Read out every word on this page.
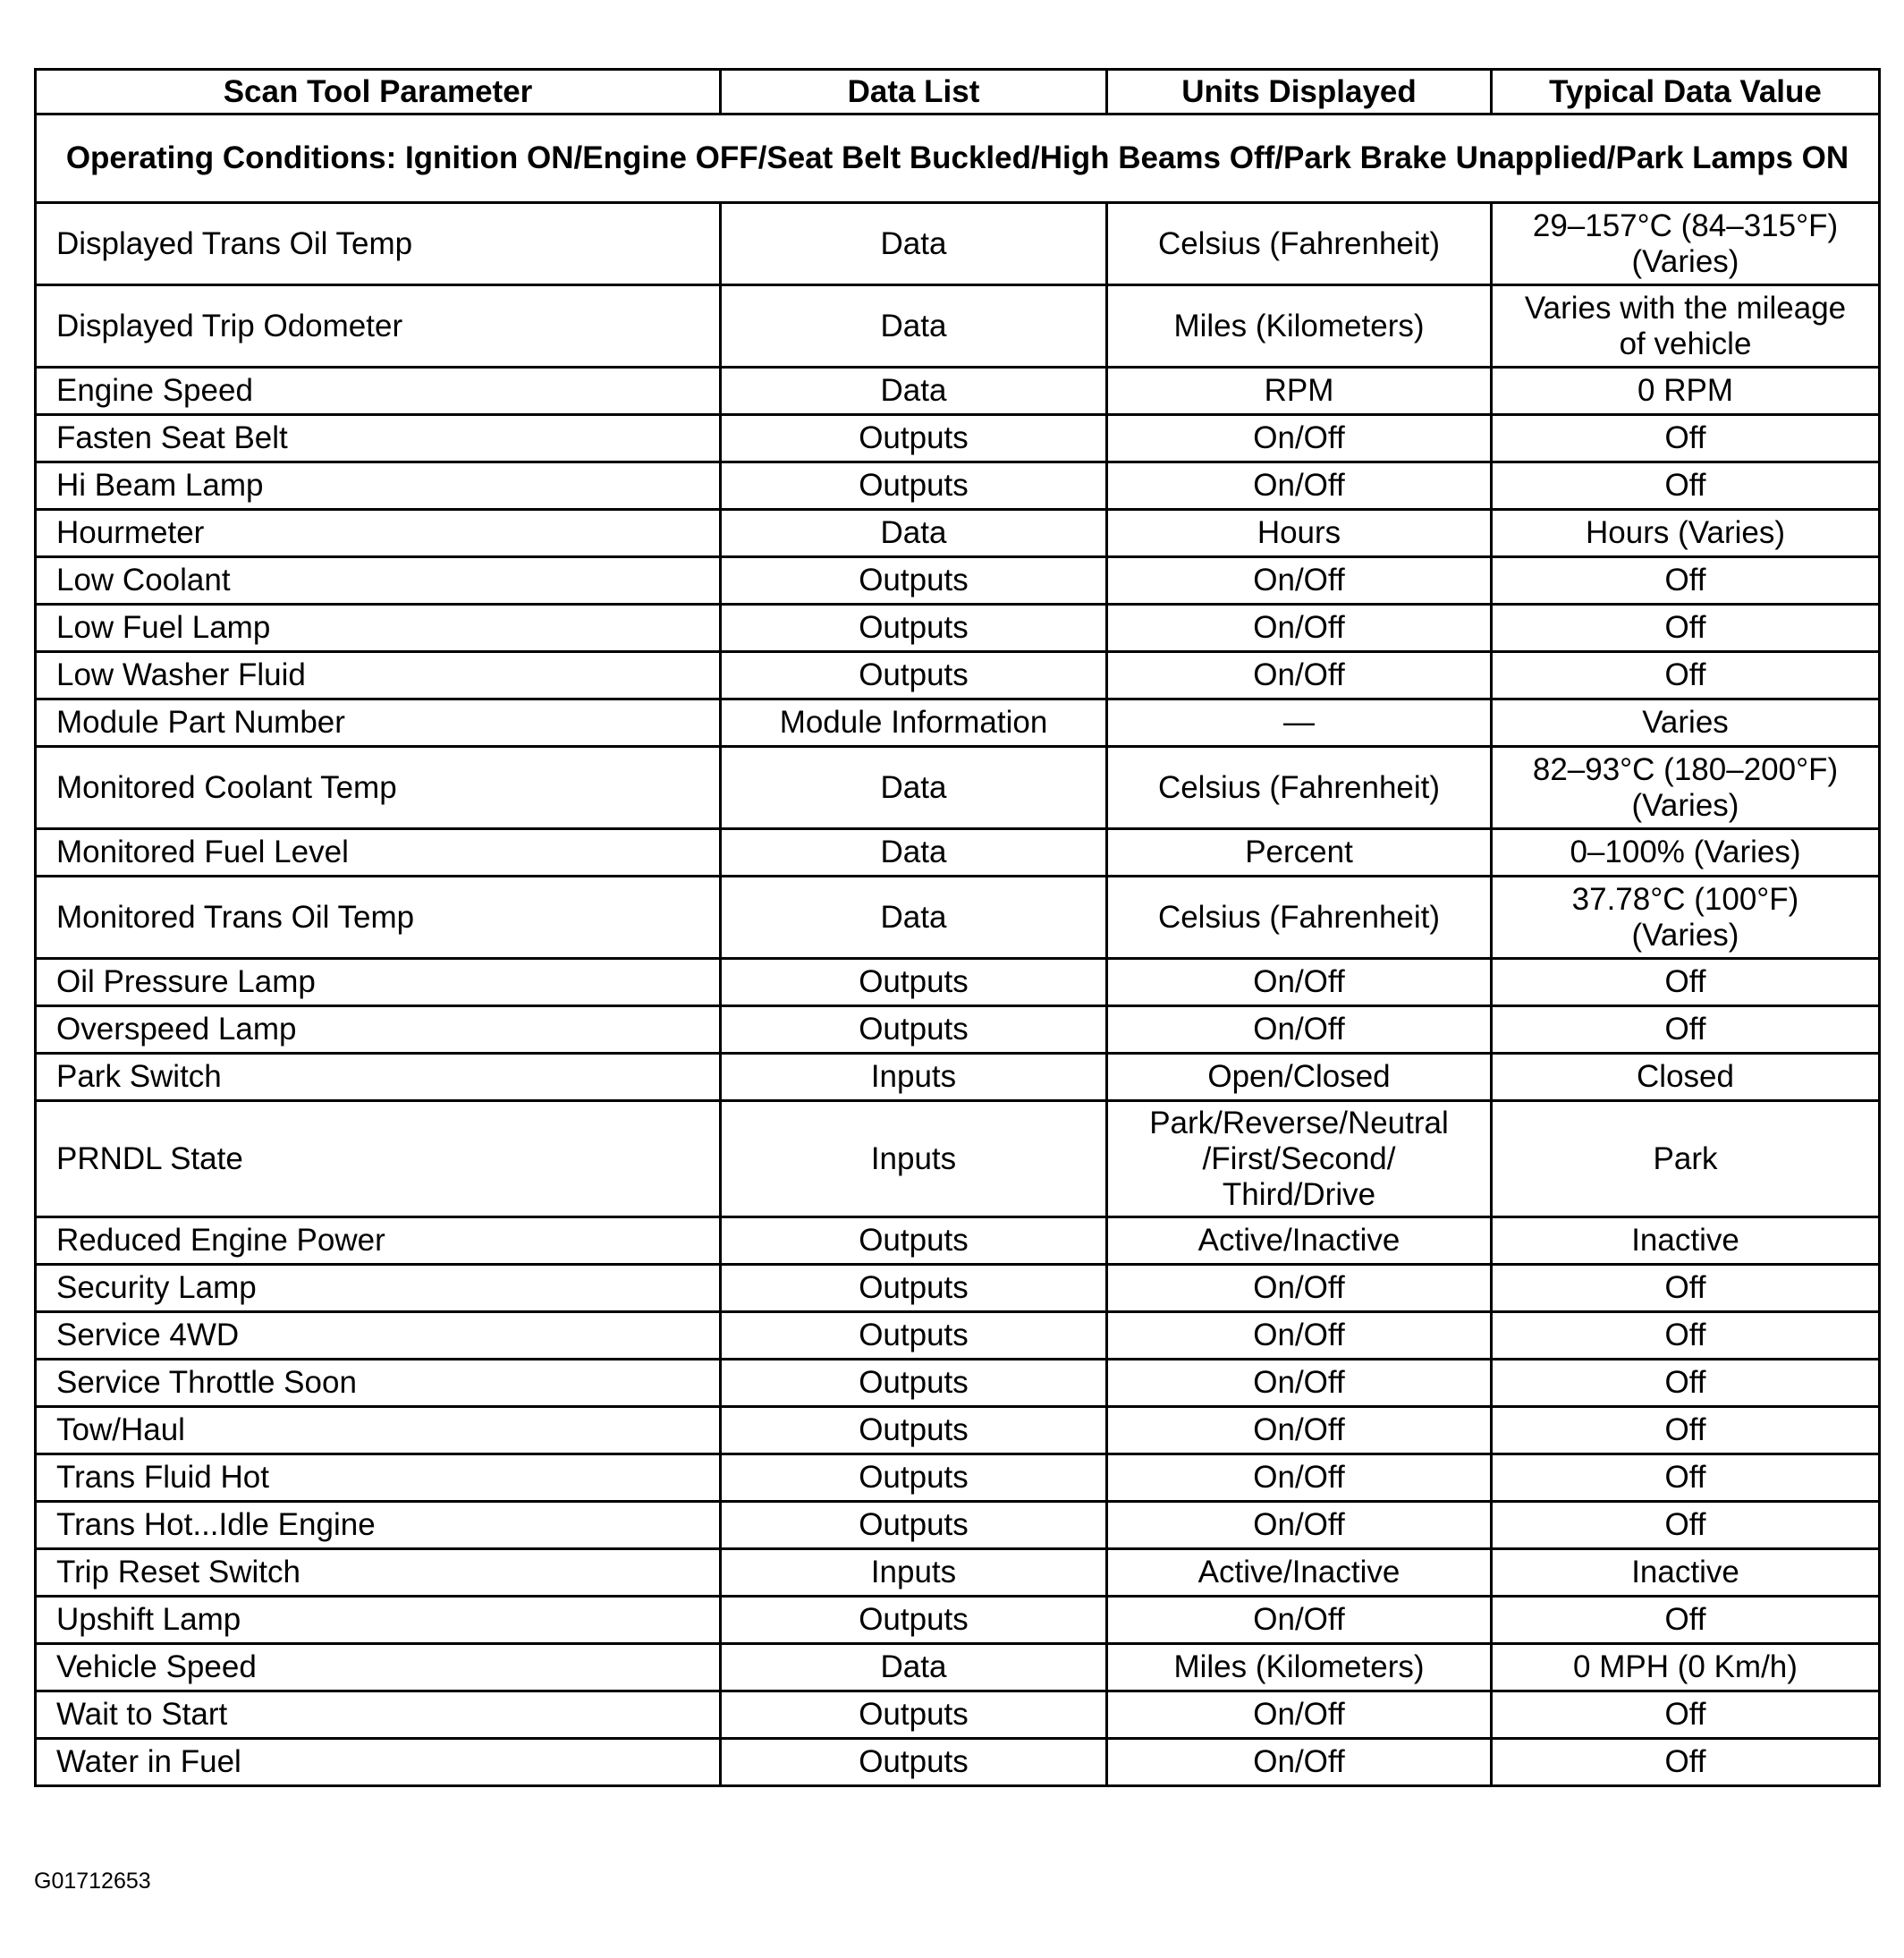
Scan Tool Parameter	Data List	Units Displayed	Typical Data Value
Operating Conditions: Ignition ON/Engine OFF/Seat Belt Buckled/High Beams Off/Park Brake Unapplied/Park Lamps ON			
Displayed Trans Oil Temp	Data	Celsius (Fahrenheit)	29–157°C (84–315°F)
(Varies)
Displayed Trip Odometer	Data	Miles (Kilometers)	Varies with the mileage
of vehicle
Engine Speed	Data	RPM	0 RPM
Fasten Seat Belt	Outputs	On/Off	Off
Hi Beam Lamp	Outputs	On/Off	Off
Hourmeter	Data	Hours	Hours (Varies)
Low Coolant	Outputs	On/Off	Off
Low Fuel Lamp	Outputs	On/Off	Off
Low Washer Fluid	Outputs	On/Off	Off
Module Part Number	Module Information	—	Varies
Monitored Coolant Temp	Data	Celsius (Fahrenheit)	82–93°C (180–200°F)
(Varies)
Monitored Fuel Level	Data	Percent	0–100% (Varies)
Monitored Trans Oil Temp	Data	Celsius (Fahrenheit)	37.78°C (100°F)
(Varies)
Oil Pressure Lamp	Outputs	On/Off	Off
Overspeed Lamp	Outputs	On/Off	Off
Park Switch	Inputs	Open/Closed	Closed
PRNDL State	Inputs	Park/Reverse/Neutral
/First/Second/
Third/Drive	Park
Reduced Engine Power	Outputs	Active/Inactive	Inactive
Security Lamp	Outputs	On/Off	Off
Service 4WD	Outputs	On/Off	Off
Service Throttle Soon	Outputs	On/Off	Off
Tow/Haul	Outputs	On/Off	Off
Trans Fluid Hot	Outputs	On/Off	Off
Trans Hot...Idle Engine	Outputs	On/Off	Off
Trip Reset Switch	Inputs	Active/Inactive	Inactive
Upshift Lamp	Outputs	On/Off	Off
Vehicle Speed	Data	Miles (Kilometers)	0 MPH (0 Km/h)
Wait to Start	Outputs	On/Off	Off
Water in Fuel	Outputs	On/Off	Off
G01712653
